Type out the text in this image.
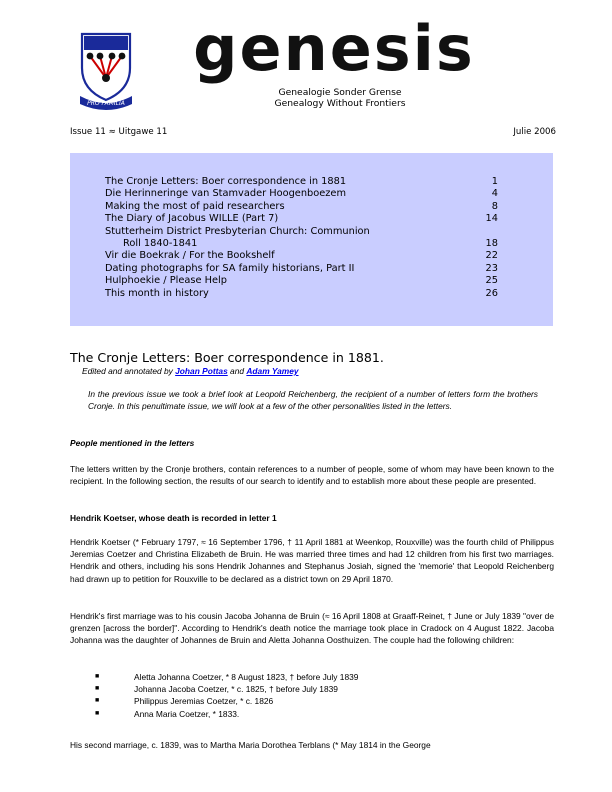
PRO FAMILIA
genesis
Genealogie Sonder Grense
Genealogy Without Frontiers
Issue 11 ≈ Uitgawe 11	Julie 2006
The Cronje Letters: Boer correspondence in 1881	1
Die Herinneringe van Stamvader Hoogenboezem	4
Making the most of paid researchers	8
The Diary of Jacobus WILLE (Part 7)	14
Stutterheim District Presbyterian Church: Communion
Roll 1840-1841	18
Vir die Boekrak / For the Bookshelf	22
Dating photographs for SA family historians, Part II	23
Hulphoekie / Please Help	25
This month in history	26
The Cronje Letters: Boer correspondence in 1881.
Edited and annotated by Johan Pottas and Adam Yamey
In the previous issue we took a brief look at Leopold Reichenberg, the recipient of a number of letters form the brothers Cronje. In this penultimate issue, we will look at a few of the other personalities listed in the letters.
People mentioned in the letters
The letters written by the Cronje brothers, contain references to a number of people, some of whom may have been known to the recipient. In the following section, the results of our search to identify and to establish more about these people are presented.
Hendrik Koetser, whose death is recorded in letter 1
Hendrik Koetser (* February 1797, ≈ 16 September 1796, † 11 April 1881 at Weenkop, Rouxville) was the fourth child of Philippus Jeremias Coetzer and Christina Elizabeth de Bruin. He was married three times and had 12 children from his first two marriages. Hendrik and others, including his sons Hendrik Johannes and Stephanus Josiah, signed the 'memorie' that Leopold Reichenberg had drawn up to petition for Rouxville to be declared as a district town on 29 April 1870.
Hendrik's first marriage was to his cousin Jacoba Johanna de Bruin (≈ 16 April 1808 at Graaff-Reinet, † June or July 1839 "over de grenzen [across the border]". According to Hendrik's death notice the marriage took place in Cradock on 4 August 1822. Jacoba Johanna was the daughter of Johannes de Bruin and Aletta Johanna Oosthuizen. The couple had the following children:
■	Aletta Johanna Coetzer, * 8 August 1823, † before July 1839
■	Johanna Jacoba Coetzer, * c. 1825, † before July 1839
■	Philippus Jeremias Coetzer, * c. 1826
■	Anna Maria Coetzer, * 1833.
His second marriage, c. 1839, was to Martha Maria Dorothea Terblans (* May 1814 in the George
